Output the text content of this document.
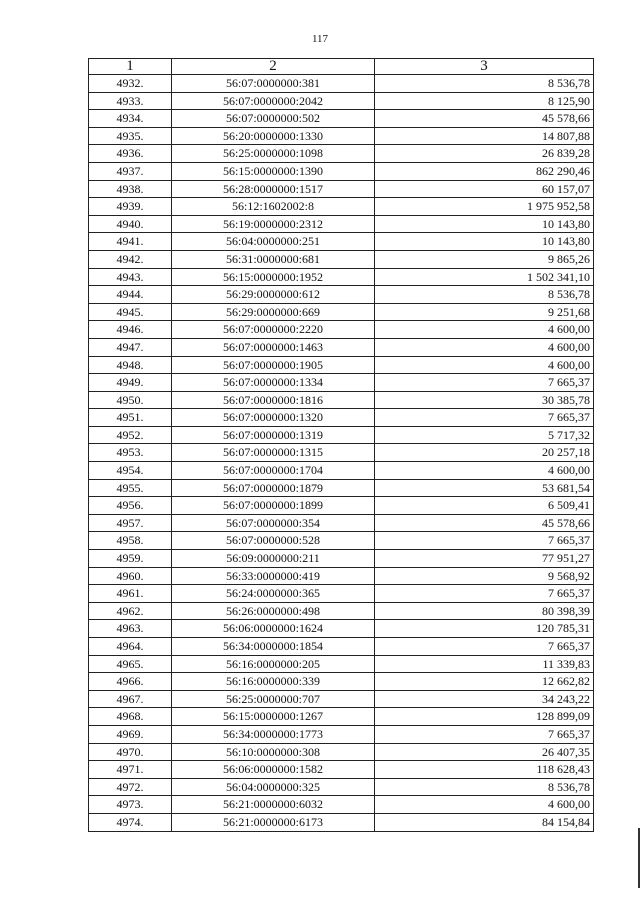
117
1	2	3
4932.	56:07:0000000:381	8 536,78
4933.	56:07:0000000:2042	8 125,90
4934.	56:07:0000000:502	45 578,66
4935.	56:20:0000000:1330	14 807,88
4936.	56:25:0000000:1098	26 839,28
4937.	56:15:0000000:1390	862 290,46
4938.	56:28:0000000:1517	60 157,07
4939.	56:12:1602002:8	1 975 952,58
4940.	56:19:0000000:2312	10 143,80
4941.	56:04:0000000:251	10 143,80
4942.	56:31:0000000:681	9 865,26
4943.	56:15:0000000:1952	1 502 341,10
4944.	56:29:0000000:612	8 536,78
4945.	56:29:0000000:669	9 251,68
4946.	56:07:0000000:2220	4 600,00
4947.	56:07:0000000:1463	4 600,00
4948.	56:07:0000000:1905	4 600,00
4949.	56:07:0000000:1334	7 665,37
4950.	56:07:0000000:1816	30 385,78
4951.	56:07:0000000:1320	7 665,37
4952.	56:07:0000000:1319	5 717,32
4953.	56:07:0000000:1315	20 257,18
4954.	56:07:0000000:1704	4 600,00
4955.	56:07:0000000:1879	53 681,54
4956.	56:07:0000000:1899	6 509,41
4957.	56:07:0000000:354	45 578,66
4958.	56:07:0000000:528	7 665,37
4959.	56:09:0000000:211	77 951,27
4960.	56:33:0000000:419	9 568,92
4961.	56:24:0000000:365	7 665,37
4962.	56:26:0000000:498	80 398,39
4963.	56:06:0000000:1624	120 785,31
4964.	56:34:0000000:1854	7 665,37
4965.	56:16:0000000:205	11 339,83
4966.	56:16:0000000:339	12 662,82
4967.	56:25:0000000:707	34 243,22
4968.	56:15:0000000:1267	128 899,09
4969.	56:34:0000000:1773	7 665,37
4970.	56:10:0000000:308	26 407,35
4971.	56:06:0000000:1582	118 628,43
4972.	56:04:0000000:325	8 536,78
4973.	56:21:0000000:6032	4 600,00
4974.	56:21:0000000:6173	84 154,84
